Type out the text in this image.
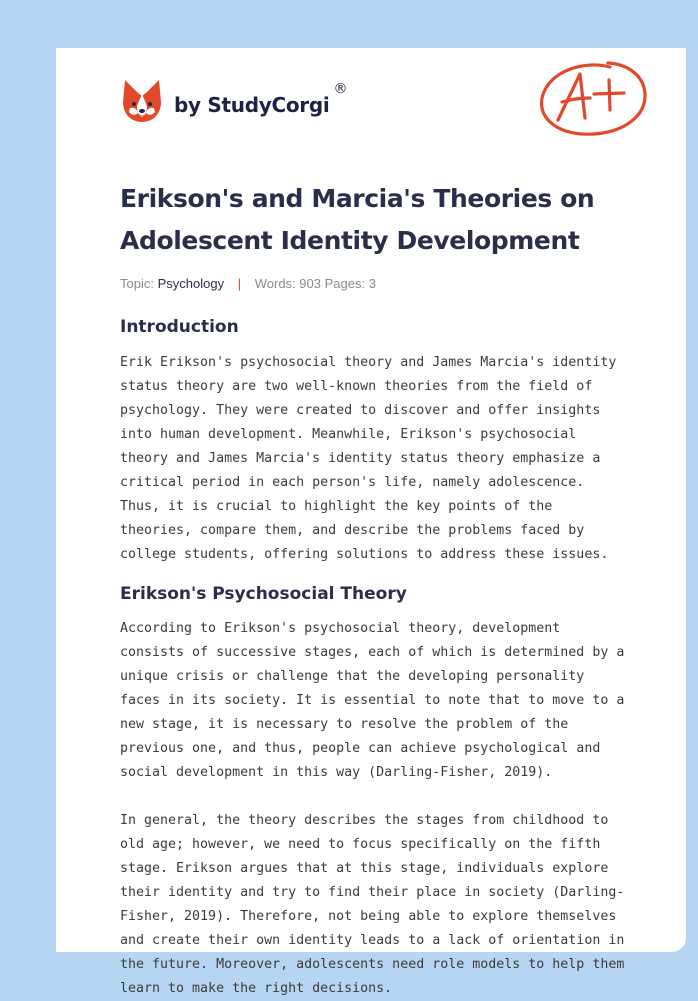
by StudyCorgi
®
Erikson's and Marcia's Theories on Adolescent Identity Development
Topic: Psychology | Words: 903 Pages: 3
Introduction

Erik Erikson's psychosocial theory and James Marcia's identity status theory are two well-known theories from the field of psychology. They were created to discover and offer insights into human development. Meanwhile, Erikson's psychosocial theory and James Marcia's identity status theory emphasize a critical period in each person's life, namely adolescence. Thus, it is crucial to highlight the key points of the theories, compare them, and describe the problems faced by college students, offering solutions to address these issues.

Erikson's Psychosocial Theory

According to Erikson's psychosocial theory, development consists of successive stages, each of which is determined by a unique crisis or challenge that the developing personality faces in its society. It is essential to note that to move to a new stage, it is necessary to resolve the problem of the previous one, and thus, people can achieve psychological and social development in this way (Darling-Fisher, 2019).

In general, the theory describes the stages from childhood to old age; however, we need to focus specifically on the fifth stage. Erikson argues that at this stage, individuals explore their identity and try to find their place in society (Darling-Fisher, 2019). Therefore, not being able to explore themselves and create their own identity leads to a lack of orientation in the future. Moreover, adolescents need role models to help them learn to make the right decisions.
